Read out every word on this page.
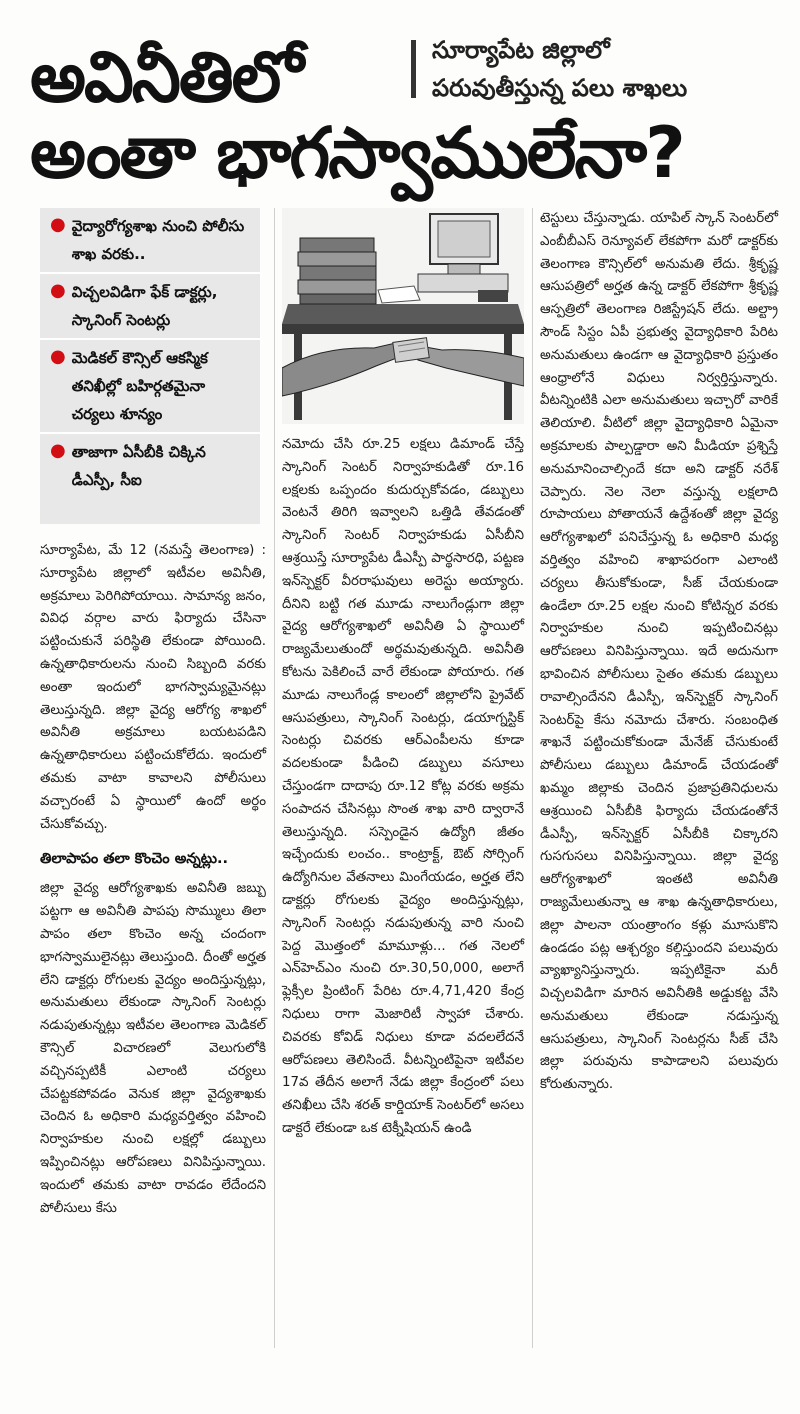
అవినీతిలో	సూర్యాపేట జిల్లాలో
పరువుతీస్తున్న పలు శాఖలు
అంతా భాగస్వాములేనా?
● వైద్యారోగ్యశాఖ నుంచి పోలీసు శాఖ వరకు..
● విచ్చలవిడిగా ఫేక్ డాక్టర్లు, స్కానింగ్ సెంటర్లు
● మెడికల్ కౌన్సిల్ ఆకస్మిక తనిఖీల్లో బహిర్గతమైనా చర్యలు శూన్యం
● తాజాగా ఏసీబీకి చిక్కిన డీఎస్పీ, సీఐ

సూర్యాపేట, మే 12 (నమస్తే తెలంగాణ) : సూర్యాపేట జిల్లాలో ఇటీవల అవినీతి, అక్రమాలు పెరిగిపోయాయి. సామాన్య జనం, వివిధ వర్గాల వారు ఫిర్యాదు చేసినా పట్టించుకునే పరిస్థితి లేకుండా పోయింది. ఉన్నతాధికారులను నుంచి సిబ్బంది వరకు అంతా ఇందులో భాగస్వామ్యమైనట్లు తెలుస్తున్నది. జిల్లా వైద్య ఆరోగ్య శాఖలో అవినీతి అక్రమాలు బయటపడిని ఉన్నతాధికారులు పట్టించుకోలేదు. ఇందులో తమకు వాటా కావాలని పోలీసులు వచ్చారంటే ఏ స్థాయిలో ఉందో అర్థం చేసుకోవచ్చు.

తిలాపాపం తలా కొంచెం అన్నట్లు..

జిల్లా వైద్య ఆరోగ్యశాఖకు అవినీతి జబ్బు పట్టగా ఆ అవినీతి పాపపు సొమ్ములు తిలా పాపం తలా కొంచెం అన్న చందంగా భాగస్వాములైనట్లు తెలుస్తుంది. దీంతో అర్హత లేని డాక్టర్లు రోగులకు వైద్యం అందిస్తున్నట్లు, అనుమతులు లేకుండా స్కానింగ్ సెంటర్లు నడుపుతున్నట్లు ఇటీవల తెలంగాణ మెడికల్ కౌన్సిల్ విచారణలో వెలుగులోకి వచ్చినప్పటికీ ఎలాంటి చర్యలు చేపట్టకపోవడం వెనుక జిల్లా వైద్యశాఖకు చెందిన ఓ అధికారి మధ్యవర్తిత్వం వహించి నిర్వాహకుల నుంచి లక్షల్లో డబ్బులు ఇప్పించినట్లు ఆరోపణలు వినిపిస్తున్నాయి. ఇందులో తమకు వాటా రావడం లేదేందని పోలీసులు కేసు

నమోదు చేసి రూ.25 లక్షలు డిమాండ్ చేస్తే స్కానింగ్ సెంటర్ నిర్వాహకుడితో రూ.16 లక్షలకు ఒప్పందం కుదుర్చుకోవడం, డబ్బులు వెంటనే తిరిగి ఇవ్వాలని ఒత్తిడి తేవడంతో స్కానింగ్ సెంటర్ నిర్వాహకుడు ఏసీబీని ఆశ్రయిస్తే సూర్యాపేట డీఎస్పీ పార్థసారధి, పట్టణ ఇన్‌స్పెక్టర్ వీరరాఘవులు అరెస్టు అయ్యారు. దీనిని బట్టి గత మూడు నాలుగేండ్లుగా జిల్లా వైద్య ఆరోగ్యశాఖలో అవినీతి ఏ స్థాయిలో రాజ్యమేలుతుందో అర్థమవుతున్నది. అవినీతి కోటను పెకిలించే వారే లేకుండా పోయారు. గత మూడు నాలుగేండ్ల కాలంలో జిల్లాలోని ప్రైవేట్ ఆసుపత్రులు, స్కానింగ్ సెంటర్లు, డయాగ్నస్టిక్ సెంటర్లు చివరకు ఆర్‌ఎంపీలను కూడా వదలకుండా పీడించి డబ్బులు వసూలు చేస్తుండగా దాదాపు రూ.12 కోట్ల వరకు అక్రమ సంపాదన చేసినట్లు సొంత శాఖ వారి ద్వారానే తెలుస్తున్నది. సస్పెండైన ఉద్యోగి జీతం ఇచ్చేందుకు లంచం.. కాంట్రాక్ట్, ఔట్ సోర్సింగ్ ఉద్యోగినుల వేతనాలు మింగేయడం, అర్హత లేని డాక్టర్లు రోగులకు వైద్యం అందిస్తున్నట్లు, స్కానింగ్ సెంటర్లు నడుపుతున్న వారి నుంచి పెద్ద మొత్తంలో మామూళ్లు... గత నెలలో ఎన్‌హెచ్‌ఎం నుంచి రూ.30,50,000, అలాగే ఫ్లెక్సీల ప్రింటింగ్ పేరిట రూ.4,71,420 కేంద్ర నిధులు రాగా మెజారిటీ స్వాహా చేశారు. చివరకు కోవిడ్ నిధులు కూడా వదలలేదనే ఆరోపణలు తెలిసిందే. వీటన్నింటిపైనా ఇటీవల 17వ తేదీన అలాగే నేడు జిల్లా కేంద్రంలో పలు తనిఖీలు చేసి శరత్ కార్డియాక్ సెంటర్‌లో అసలు డాక్టరే లేకుండా ఒక టెక్నీషియన్ ఉండి

టెస్టులు చేస్తున్నాడు. యాపిల్ స్కాన్ సెంటర్‌లో ఎంబీబీఎస్ రెన్యూవల్ లేకపోగా మరో డాక్టర్‌కు తెలంగాణ కౌన్సిల్‌లో అనుమతి లేదు. శ్రీకృష్ణ ఆసుపత్రిలో అర్హత ఉన్న డాక్టర్ లేకపోగా శ్రీకృష్ణ ఆస్పత్రిలో తెలంగాణ రిజిస్ట్రేషన్ లేదు. అల్ట్రా సౌండ్ సిస్టం ఏపీ ప్రభుత్వ వైద్యాధికారి పేరిట అనుమతులు ఉండగా ఆ వైద్యాధికారి ప్రస్తుతం ఆంధ్రాలోనే విధులు నిర్వర్తిస్తున్నారు. వీటన్నింటికి ఎలా అనుమతులు ఇచ్చారో వారికే తెలియాలి. వీటిలో జిల్లా వైద్యాధికారి ఏమైనా అక్రమాలకు పాల్పడ్డారా అని మీడియా ప్రశ్నిస్తే అనుమానించాల్సిందే కదా అని డాక్టర్ నరేశ్ చెప్పారు. నెల నెలా వస్తున్న లక్షలాది రూపాయలు పోతాయనే ఉద్దేశంతో జిల్లా వైద్య ఆరోగ్యశాఖలో పనిచేస్తున్న ఓ అధికారి మధ్య వర్తిత్వం వహించి శాఖాపరంగా ఎలాంటి చర్యలు తీసుకోకుండా, సీజ్ చేయకుండా ఉండేలా రూ.25 లక్షల నుంచి కోటిన్నర వరకు నిర్వాహకుల నుంచి ఇప్పటించినట్లు ఆరోపణలు వినిపిస్తున్నాయి. ఇదే అదునుగా భావించిన పోలీసులు సైతం తమకు డబ్బులు రావాల్సిందేనని డీఎస్పీ, ఇన్‌స్పెక్టర్ స్కానింగ్ సెంటర్‌పై కేసు నమోదు చేశారు. సంబంధిత శాఖనే పట్టించుకోకుండా మేనేజ్ చేసుకుంటే పోలీసులు డబ్బులు డిమాండ్ చేయడంతో ఖమ్మం జిల్లాకు చెందిన ప్రజాప్రతినిధులను ఆశ్రయించి ఏసీబీకి ఫిర్యాదు చేయడంతోనే డీఎస్పీ, ఇన్‌స్పెక్టర్ ఏసీబీకి చిక్కారని గుసగుసలు వినిపిస్తున్నాయి. జిల్లా వైద్య ఆరోగ్యశాఖలో ఇంతటి అవినీతి రాజ్యమేలుతున్నా ఆ శాఖ ఉన్నతాధికారులు, జిల్లా పాలనా యంత్రాంగం కళ్లు మూసుకొని ఉండడం పట్ల ఆశ్చర్యం కల్గిస్తుందని పలువురు వ్యాఖ్యానిస్తున్నారు. ఇప్పటికైనా మరీ విచ్చలవిడిగా మారిన అవినీతికి అడ్డుకట్ట వేసి అనుమతులు లేకుండా నడుస్తున్న ఆసుపత్రులు, స్కానింగ్ సెంటర్లను సీజ్ చేసి జిల్లా పరువును కాపాడాలని పలువురు కోరుతున్నారు.
